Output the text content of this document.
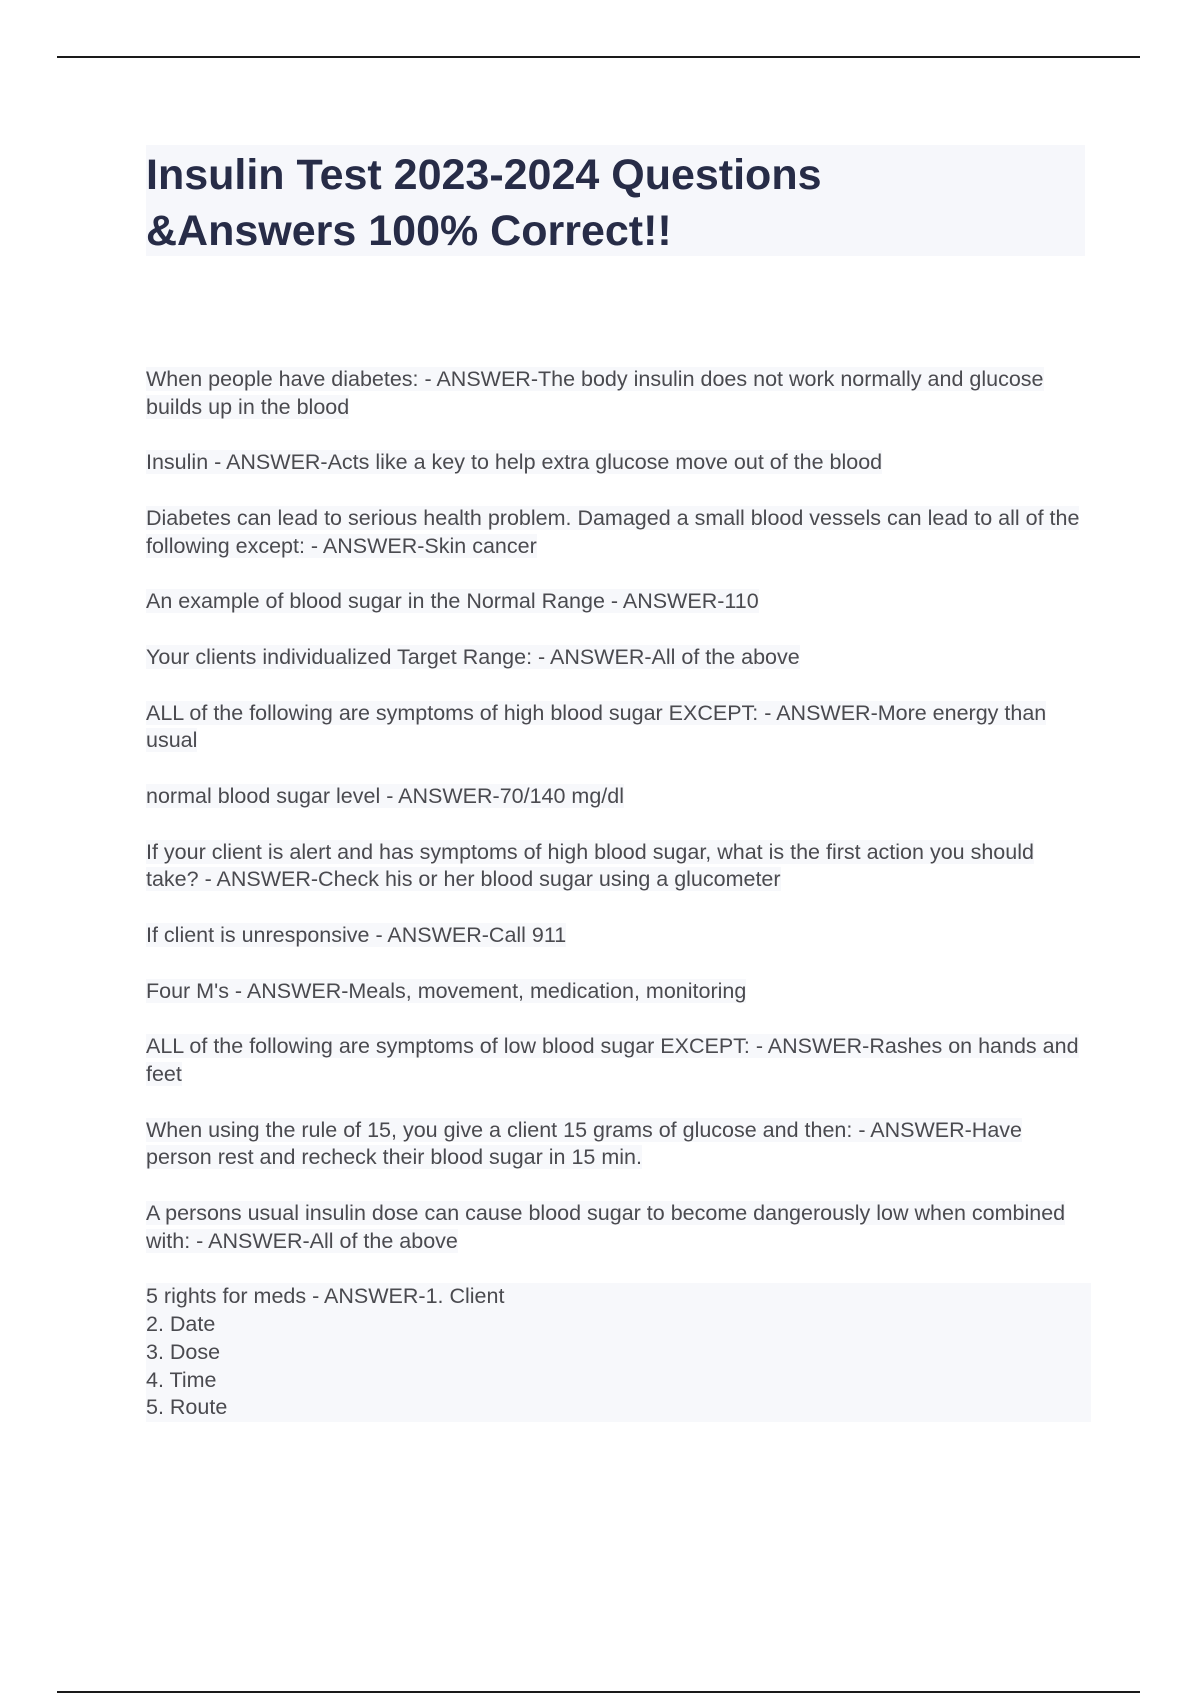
Insulin Test 2023-2024 Questions
&Answers 100% Correct!!

When people have diabetes: - ANSWER-The body insulin does not work normally and glucose builds up in the blood

Insulin - ANSWER-Acts like a key to help extra glucose move out of the blood

Diabetes can lead to serious health problem. Damaged a small blood vessels can lead to all of the following except: - ANSWER-Skin cancer

An example of blood sugar in the Normal Range - ANSWER-110

Your clients individualized Target Range: - ANSWER-All of the above

ALL of the following are symptoms of high blood sugar EXCEPT: - ANSWER-More energy than usual

normal blood sugar level - ANSWER-70/140 mg/dl

If your client is alert and has symptoms of high blood sugar, what is the first action you should take? - ANSWER-Check his or her blood sugar using a glucometer

If client is unresponsive - ANSWER-Call 911

Four M's - ANSWER-Meals, movement, medication, monitoring

ALL of the following are symptoms of low blood sugar EXCEPT: - ANSWER-Rashes on hands and feet

When using the rule of 15, you give a client 15 grams of glucose and then: - ANSWER-Have person rest and recheck their blood sugar in 15 min.

A persons usual insulin dose can cause blood sugar to become dangerously low when combined with: - ANSWER-All of the above

5 rights for meds - ANSWER-1. Client
2. Date
3. Dose
4. Time
5. Route
